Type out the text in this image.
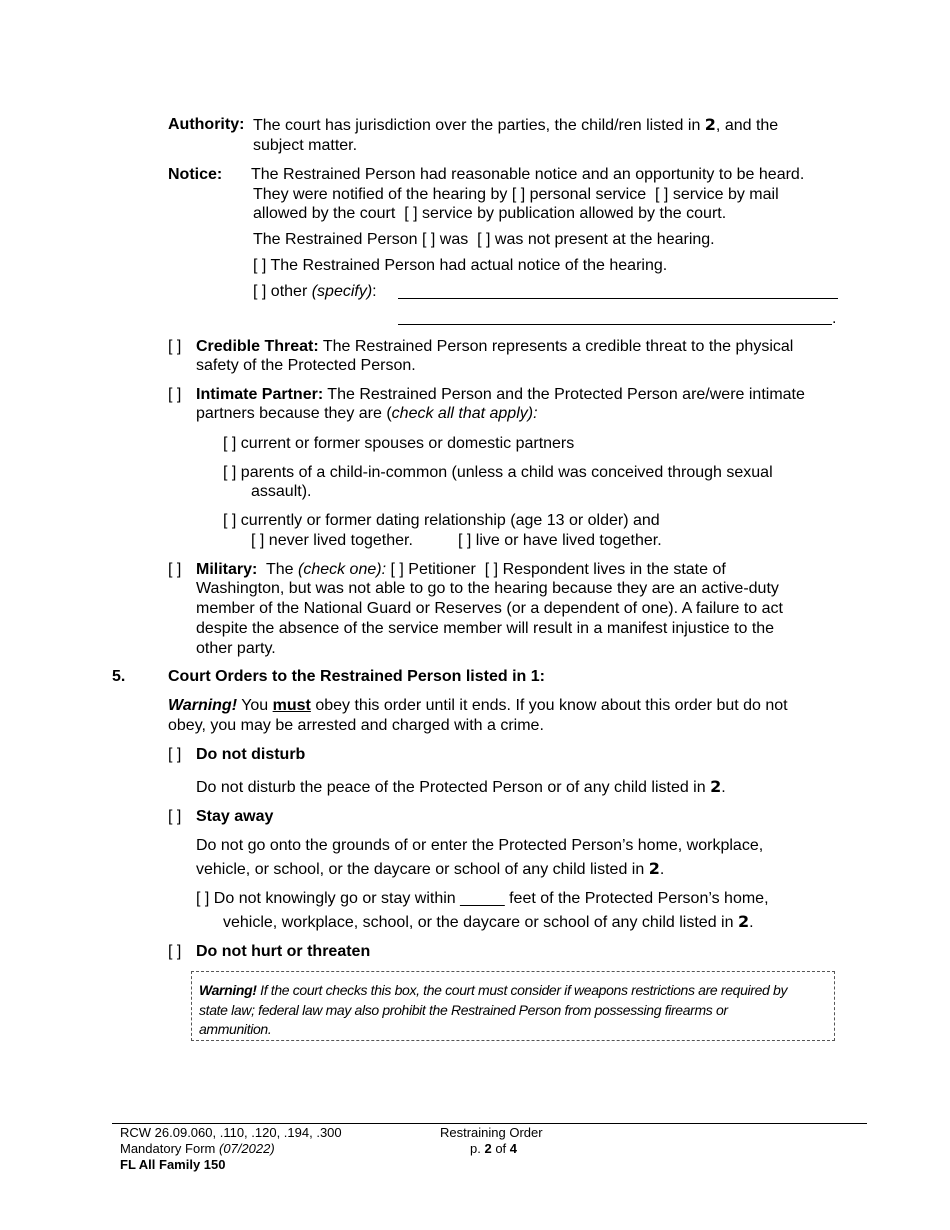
Authority: The court has jurisdiction over the parties, the child/ren listed in 2, and the
subject matter.
Notice: The Restrained Person had reasonable notice and an opportunity to be heard.
They were notified of the hearing by [ ] personal service [ ] service by mail
allowed by the court [ ] service by publication allowed by the court.
The Restrained Person [ ] was [ ] was not present at the hearing.
[ ] The Restrained Person had actual notice of the hearing.
[ ] other (specify):
.
[ ] Credible Threat: The Restrained Person represents a credible threat to the physical
safety of the Protected Person.
[ ] Intimate Partner: The Restrained Person and the Protected Person are/were intimate
partners because they are (check all that apply):
[ ] current or former spouses or domestic partners
[ ] parents of a child-in-common (unless a child was conceived through sexual
assault).
[ ] currently or former dating relationship (age 13 or older) and
[ ] never lived together.	[ ] live or have lived together.
[ ] Military: The (check one): [ ] Petitioner [ ] Respondent lives in the state of
Washington, but was not able to go to the hearing because they are an active-duty
member of the National Guard or Reserves (or a dependent of one). A failure to act
despite the absence of the service member will result in a manifest injustice to the
other party.
5.	Court Orders to the Restrained Person listed in 1:
Warning! You must obey this order until it ends. If you know about this order but do not
obey, you may be arrested and charged with a crime.
[ ] Do not disturb
Do not disturb the peace of the Protected Person or of any child listed in 2.
[ ] Stay away
Do not go onto the grounds of or enter the Protected Person’s home, workplace,
vehicle, or school, or the daycare or school of any child listed in 2.
[ ] Do not knowingly go or stay within _____ feet of the Protected Person’s home,
vehicle, workplace, school, or the daycare or school of any child listed in 2.
[ ] Do not hurt or threaten
Warning! If the court checks this box, the court must consider if weapons restrictions are required by
state law; federal law may also prohibit the Restrained Person from possessing firearms or
ammunition.
RCW 26.09.060, .110, .120, .194, .300
Mandatory Form (07/2022)
FL All Family 150
Restraining Order
p. 2 of 4
